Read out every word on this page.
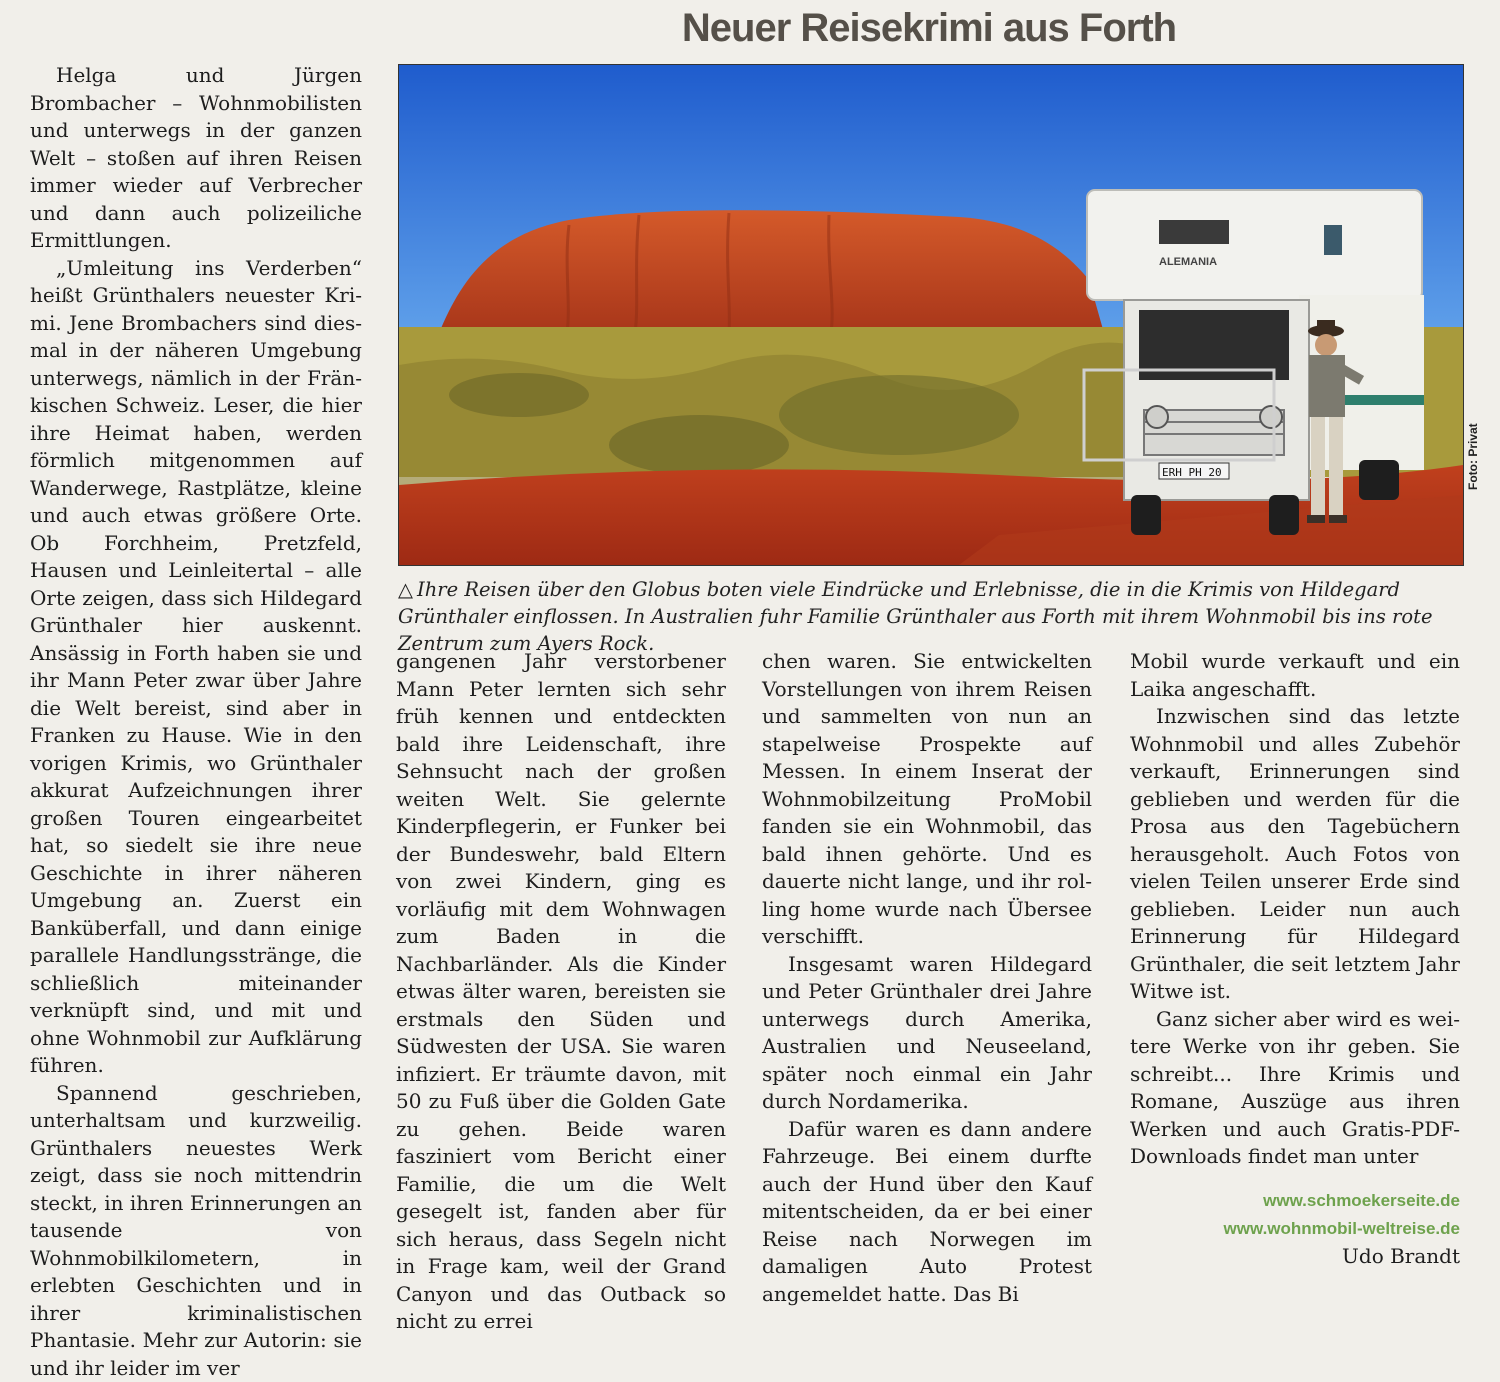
Neuer Reisekrimi aus Forth

Helga und Jürgen Brombacher – Wohnmobilisten und unterwegs in der ganzen Welt – stoßen auf ihren Reisen immer wieder auf Verbrecher und dann auch polizeiliche Ermittlungen.

„Umleitung ins Verderben“ heißt Grünthalers neuester Krimi. Jene Brombachers sind diesmal in der näheren Umgebung unterwegs, nämlich in der Fränkischen Schweiz. Leser, die hier ihre Heimat haben, werden förmlich mitgenommen auf Wanderwege, Rastplätze, kleine und auch etwas größere Orte. Ob Forchheim, Pretzfeld, Hausen und Leinleitertal – alle Orte zeigen, dass sich Hildegard Grünthaler hier auskennt. Ansässig in Forth haben sie und ihr Mann Peter zwar über Jahre die Welt bereist, sind aber in Franken zu Hause. Wie in den vorigen Krimis, wo Grünthaler akkurat Aufzeichnungen ihrer großen Touren eingearbeitet hat, so siedelt sie ihre neue Geschichte in ihrer näheren Umgebung an. Zuerst ein Banküberfall, und dann einige parallele Handlungsstränge, die schließlich miteinander verknüpft sind, und mit und ohne Wohnmobil zur Aufklärung führen.

Spannend geschrieben, unterhaltsam und kurzweilig. Grünthalers neuestes Werk zeigt, dass sie noch mittendrin steckt, in ihren Erinnerungen an tausende von Wohnmobilkilometern, in erlebten Geschichten und in ihrer kriminalistischen Phantasie. Mehr zur Autorin: sie und ihr leider im ver

ALEMANIA
ERH PH 20	Foto: Privat
△ Ihre Reisen über den Globus boten viele Eindrücke und Erlebnisse, die in die Krimis von Hildegard Grünthaler einflossen. In Australien fuhr Familie Grünthaler aus Forth mit ihrem Wohnmobil bis ins rote Zentrum zum Ayers Rock.

gangenen Jahr verstorbener Mann Peter lernten sich sehr früh kennen und entdeckten bald ihre Leidenschaft, ihre Sehnsucht nach der großen weiten Welt. Sie gelernte Kinderpflegerin, er Funker bei der Bundeswehr, bald Eltern von zwei Kindern, ging es vorläufig mit dem Wohnwagen zum Baden in die Nachbarländer. Als die Kinder etwas älter waren, bereisten sie erstmals den Süden und Südwesten der USA. Sie waren infiziert. Er träumte davon, mit 50 zu Fuß über die Golden Gate zu gehen. Beide waren fasziniert vom Bericht einer Familie, die um die Welt gesegelt ist, fanden aber für sich heraus, dass Segeln nicht in Frage kam, weil der Grand Canyon und das Outback so nicht zu errei

chen waren. Sie entwickelten Vorstellungen von ihrem Reisen und sammelten von nun an stapelweise Prospekte auf Messen. In einem Inserat der Wohnmobilzeitung ProMobil fanden sie ein Wohnmobil, das bald ihnen gehörte. Und es dauerte nicht lange, und ihr rolling home wurde nach Übersee verschifft.

Insgesamt waren Hildegard und Peter Grünthaler drei Jahre unterwegs durch Amerika, Australien und Neuseeland, später noch einmal ein Jahr durch Nordamerika.

Dafür waren es dann andere Fahrzeuge. Bei einem durfte auch der Hund über den Kauf mitentscheiden, da er bei einer Reise nach Norwegen im damaligen Auto Protest angemeldet hatte. Das Bi

Mobil wurde verkauft und ein Laika angeschafft.

Inzwischen sind das letzte Wohnmobil und alles Zubehör verkauft, Erinnerungen sind geblieben und werden für die Prosa aus den Tagebüchern herausgeholt. Auch Fotos von vielen Teilen unserer Erde sind geblieben. Leider nun auch Erinnerung für Hildegard Grünthaler, die seit letztem Jahr Witwe ist.

Ganz sicher aber wird es weitere Werke von ihr geben. Sie schreibt... Ihre Krimis und Romane, Auszüge aus ihren Werken und auch Gratis-PDF-Downloads findet man unter

www.schmoekerseite.de
www.wohnmobil-weltreise.de
Udo Brandt
